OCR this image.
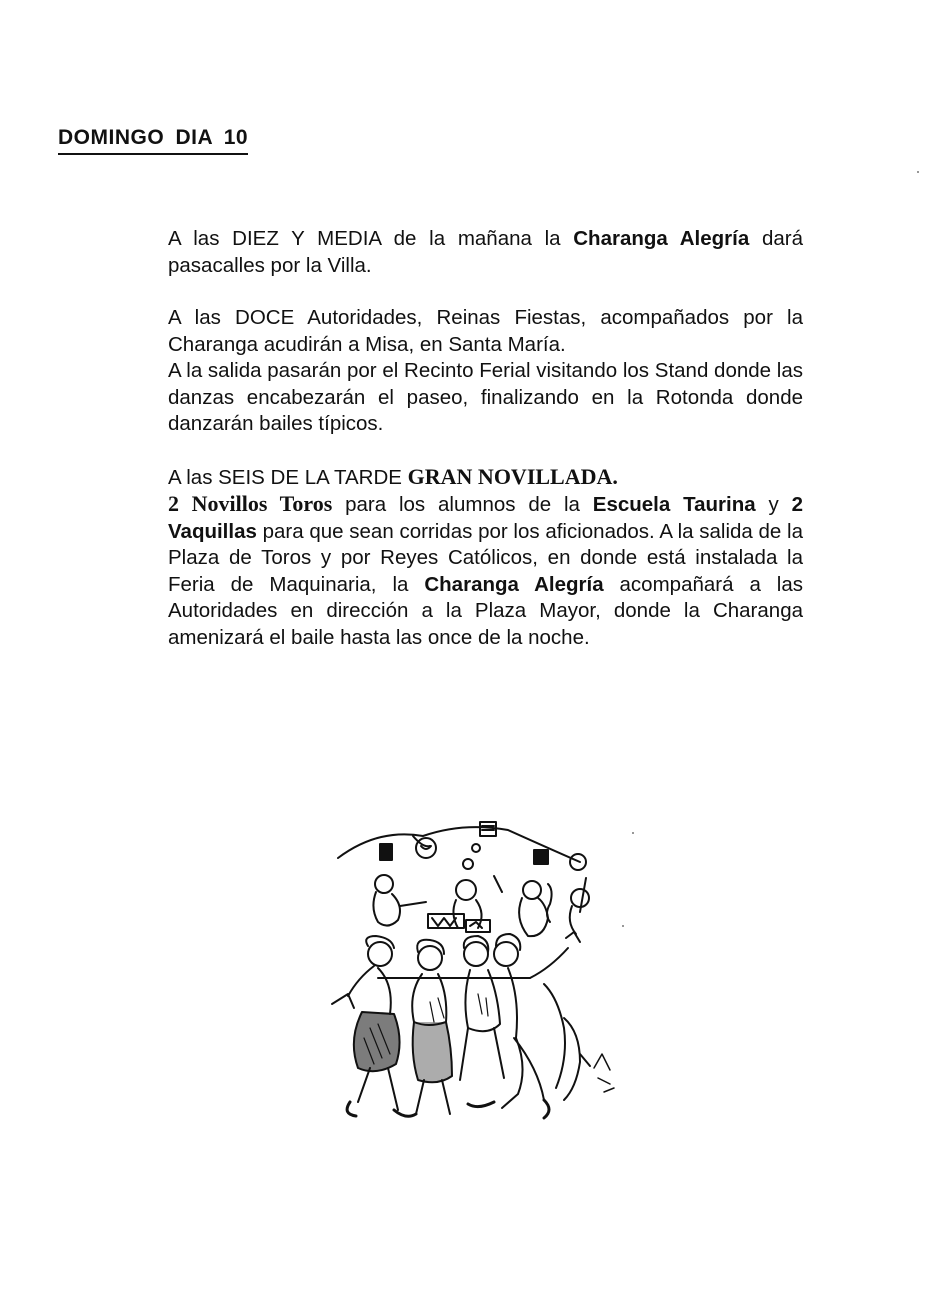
DOMINGO DIA 10

A las DIEZ Y MEDIA de la mañana la Charanga Alegría dará pasacalles por la Villa.

A las DOCE Autoridades, Reinas Fiestas, acompañados por la Charanga acudirán a Misa, en Santa María.

A la salida pasarán por el Recinto Ferial visitando los Stand donde las danzas encabezarán el paseo, finalizando en la Rotonda donde danzarán bailes típicos.

A las SEIS DE LA TARDE GRAN NOVILLADA.

2 Novillos Toros para los alumnos de la Escuela Taurina y 2 Vaquillas para que sean corridas por los aficionados. A la salida de la Plaza de Toros y por Reyes Católicos, en donde está instalada la Feria de Maquinaria, la Charanga Alegría acompañará a las Autoridades en dirección a la Plaza Mayor, donde la Charanga amenizará el baile hasta las once de la noche.
